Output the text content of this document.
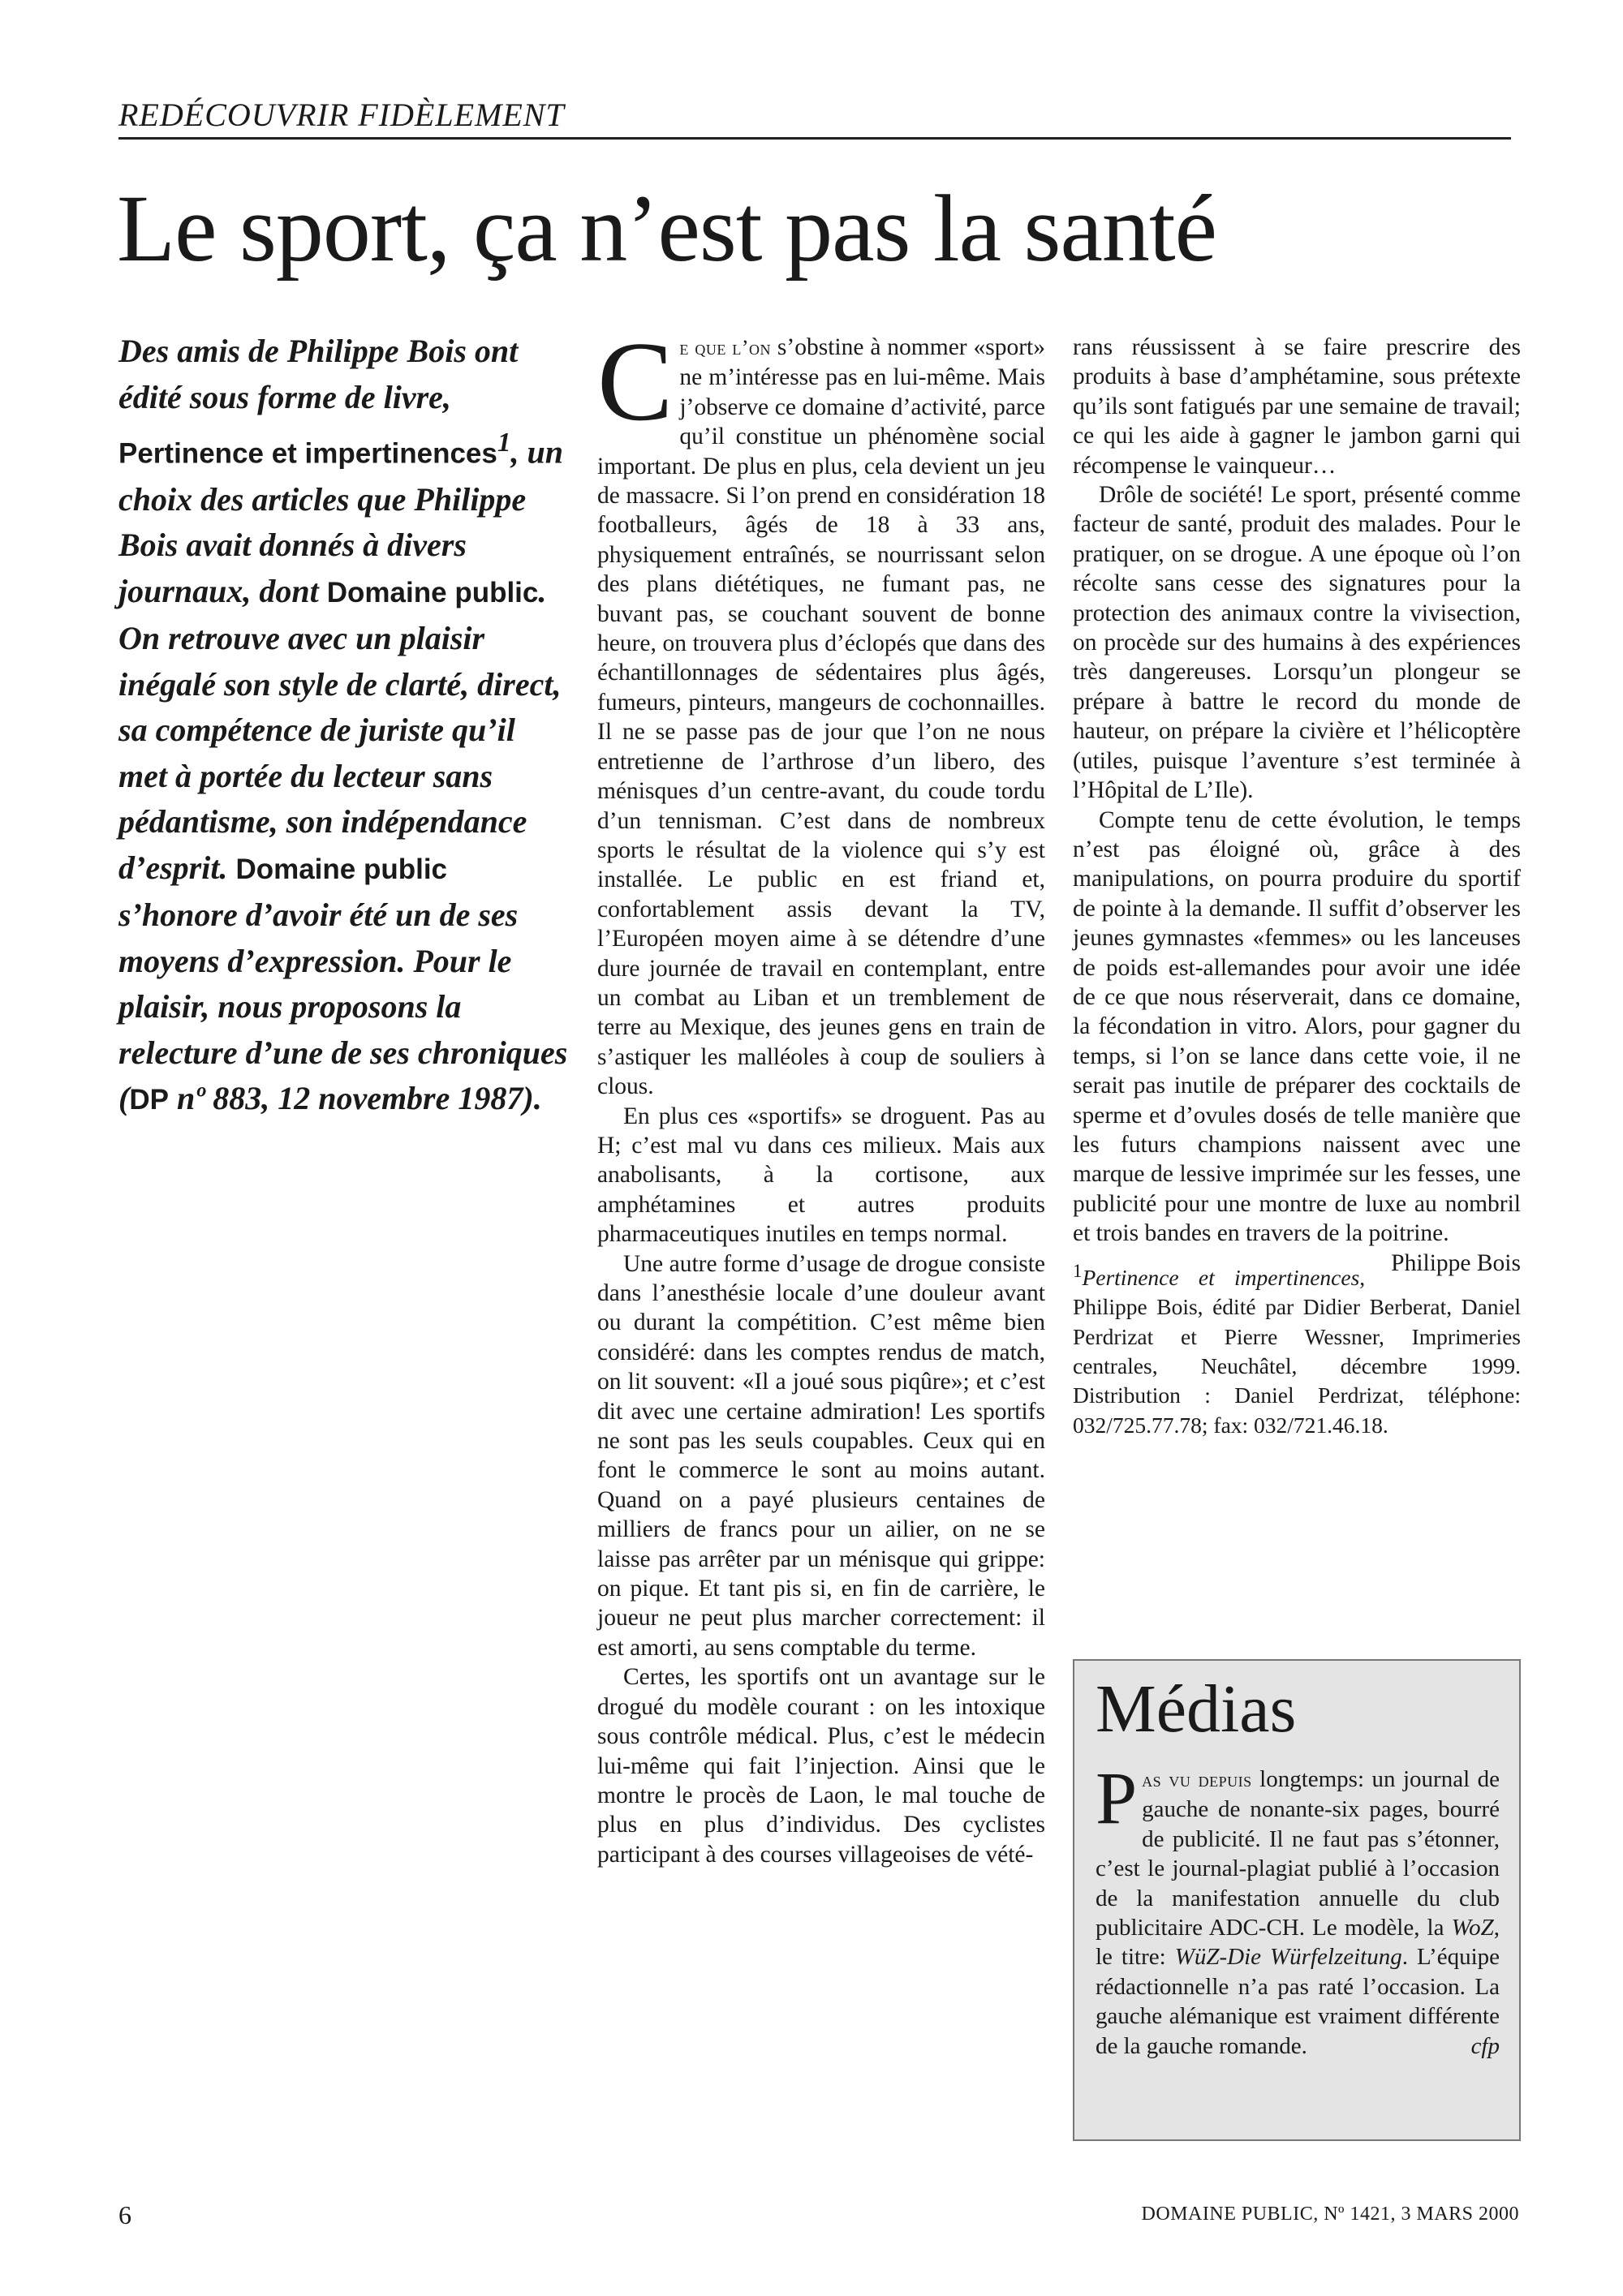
REDÉCOUVRIR FIDÈLEMENT
Le sport, ça n’est pas la santé

Des amis de Philippe Bois ont édité sous forme de livre, Pertinence et impertinences$^1$, un choix des articles que Philippe Bois avait donnés à divers journaux, dont Domaine public.

On retrouve avec un plaisir inégalé son style de clarté, direct, sa compétence de juriste qu’il met à portée du lecteur sans pédantisme, son indépendance d’esprit. Domaine public s’honore d’avoir été un de ses moyens d’expression. Pour le plaisir, nous proposons la relecture d’une de ses chroniques (DP nº 883, 12 novembre 1987).

Ce que l’on s’obstine à nommer «sport» ne m’intéresse pas en lui-même. Mais j’observe ce domaine d’activité, parce qu’il constitue un phénomène social important. De plus en plus, cela devient un jeu de massacre. Si l’on prend en considération 18 footballeurs, âgés de 18 à 33 ans, physiquement entraînés, se nourrissant selon des plans diététiques, ne fumant pas, ne buvant pas, se couchant souvent de bonne heure, on trouvera plus d’éclopés que dans des échantillonnages de sédentaires plus âgés, fumeurs, pinteurs, mangeurs de cochonnailles. Il ne se passe pas de jour que l’on ne nous entretienne de l’arthrose d’un libero, des ménisques d’un centre-avant, du coude tordu d’un tennisman. C’est dans de nombreux sports le résultat de la violence qui s’y est installée. Le public en est friand et, confortablement assis devant la TV, l’Européen moyen aime à se détendre d’une dure journée de travail en contemplant, entre un combat au Liban et un tremblement de terre au Mexique, des jeunes gens en train de s’astiquer les malléoles à coup de souliers à clous.

En plus ces «sportifs» se droguent. Pas au H; c’est mal vu dans ces milieux. Mais aux anabolisants, à la cortisone, aux amphétamines et autres produits pharmaceutiques inutiles en temps normal.

Une autre forme d’usage de drogue consiste dans l’anesthésie locale d’une douleur avant ou durant la compétition. C’est même bien considéré: dans les comptes rendus de match, on lit souvent: «Il a joué sous piqûre»; et c’est dit avec une certaine admiration! Les sportifs ne sont pas les seuls coupables. Ceux qui en font le commerce le sont au moins autant. Quand on a payé plusieurs centaines de milliers de francs pour un ailier, on ne se laisse pas arrêter par un ménisque qui grippe: on pique. Et tant pis si, en fin de carrière, le joueur ne peut plus marcher correctement: il est amorti, au sens comptable du terme.

Certes, les sportifs ont un avantage sur le drogué du modèle courant : on les intoxique sous contrôle médical. Plus, c’est le médecin lui-même qui fait l’injection. Ainsi que le montre le procès de Laon, le mal touche de plus en plus d’individus. Des cyclistes participant à des courses villageoises de vété-

rans réussissent à se faire prescrire des produits à base d’amphétamine, sous prétexte qu’ils sont fatigués par une semaine de travail; ce qui les aide à gagner le jambon garni qui récompense le vainqueur…

Drôle de société! Le sport, présenté comme facteur de santé, produit des malades. Pour le pratiquer, on se drogue. A une époque où l’on récolte sans cesse des signatures pour la protection des animaux contre la vivisection, on procède sur des humains à des expériences très dangereuses. Lorsqu’un plongeur se prépare à battre le record du monde de hauteur, on prépare la civière et l’hélicoptère (utiles, puisque l’aventure s’est terminée à l’Hôpital de L’Ile).

Compte tenu de cette évolution, le temps n’est pas éloigné où, grâce à des manipulations, on pourra produire du sportif de pointe à la demande. Il suffit d’observer les jeunes gymnastes «femmes» ou les lanceuses de poids est-allemandes pour avoir une idée de ce que nous réserverait, dans ce domaine, la fécondation in vitro. Alors, pour gagner du temps, si l’on se lance dans cette voie, il ne serait pas inutile de préparer des cocktails de sperme et d’ovules dosés de telle manière que les futurs champions naissent avec une marque de lessive imprimée sur les fesses, une publicité pour une montre de luxe au nombril et trois bandes en travers de la poitrine.
Philippe Bois

$^1$Pertinence et impertinences, Philippe Bois, édité par Didier Berberat, Daniel Perdrizat et Pierre Wessner, Imprimeries centrales, Neuchâtel, décembre 1999. Distribution : Daniel Perdrizat, téléphone: 032/725.77.78; fax: 032/721.46.18.

Médias

Pas vu depuis longtemps: un journal de gauche de nonante-six pages, bourré de publicité. Il ne faut pas s’étonner, c’est le journal-plagiat publié à l’occasion de la manifestation annuelle du club publicitaire ADC-CH. Le modèle, la WoZ, le titre: WüZ-Die Würfelzeitung. L’équipe rédactionnelle n’a pas raté l’occasion. La gauche alémanique est vraiment différente de la gauche romande.	cfp

6	DOMAINE PUBLIC, Nº 1421, 3 MARS 2000
